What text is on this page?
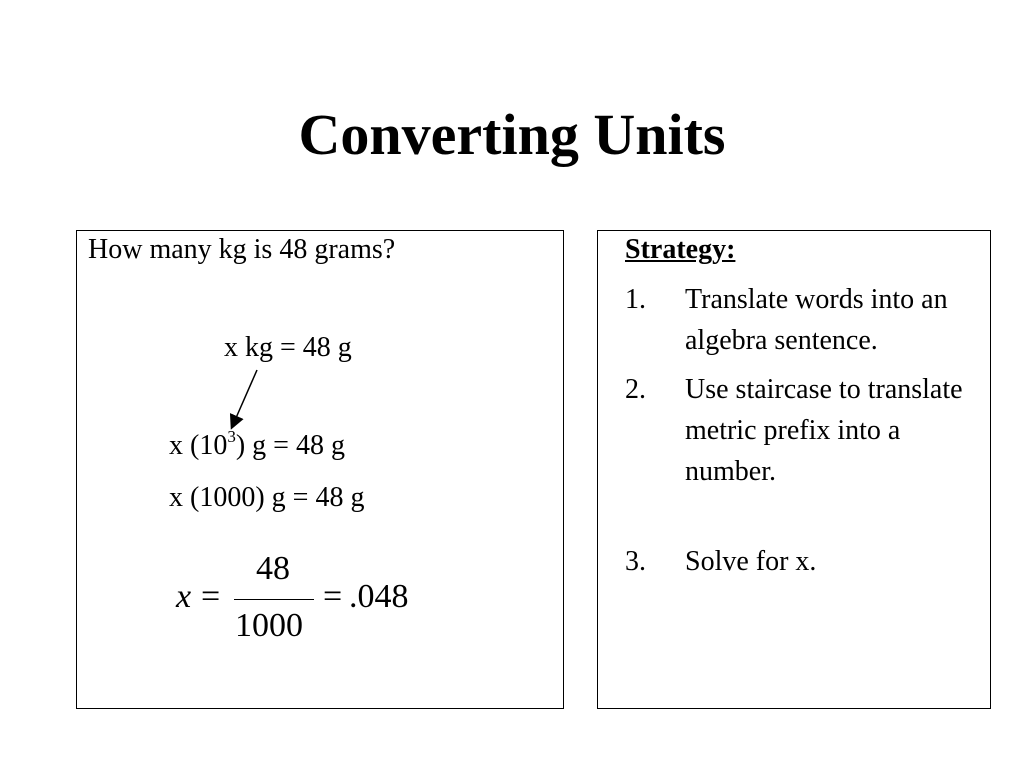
Converting Units
How many kg is 48 grams?
x kg = 48 g
x $(10^3) g = 48$ g
x (1000) g = 48 g
x =
48
1000
= .048
Strategy:
1. Translate words into an algebra sentence.
2. Use staircase to translate metric prefix into a number.
3. Solve for x.
